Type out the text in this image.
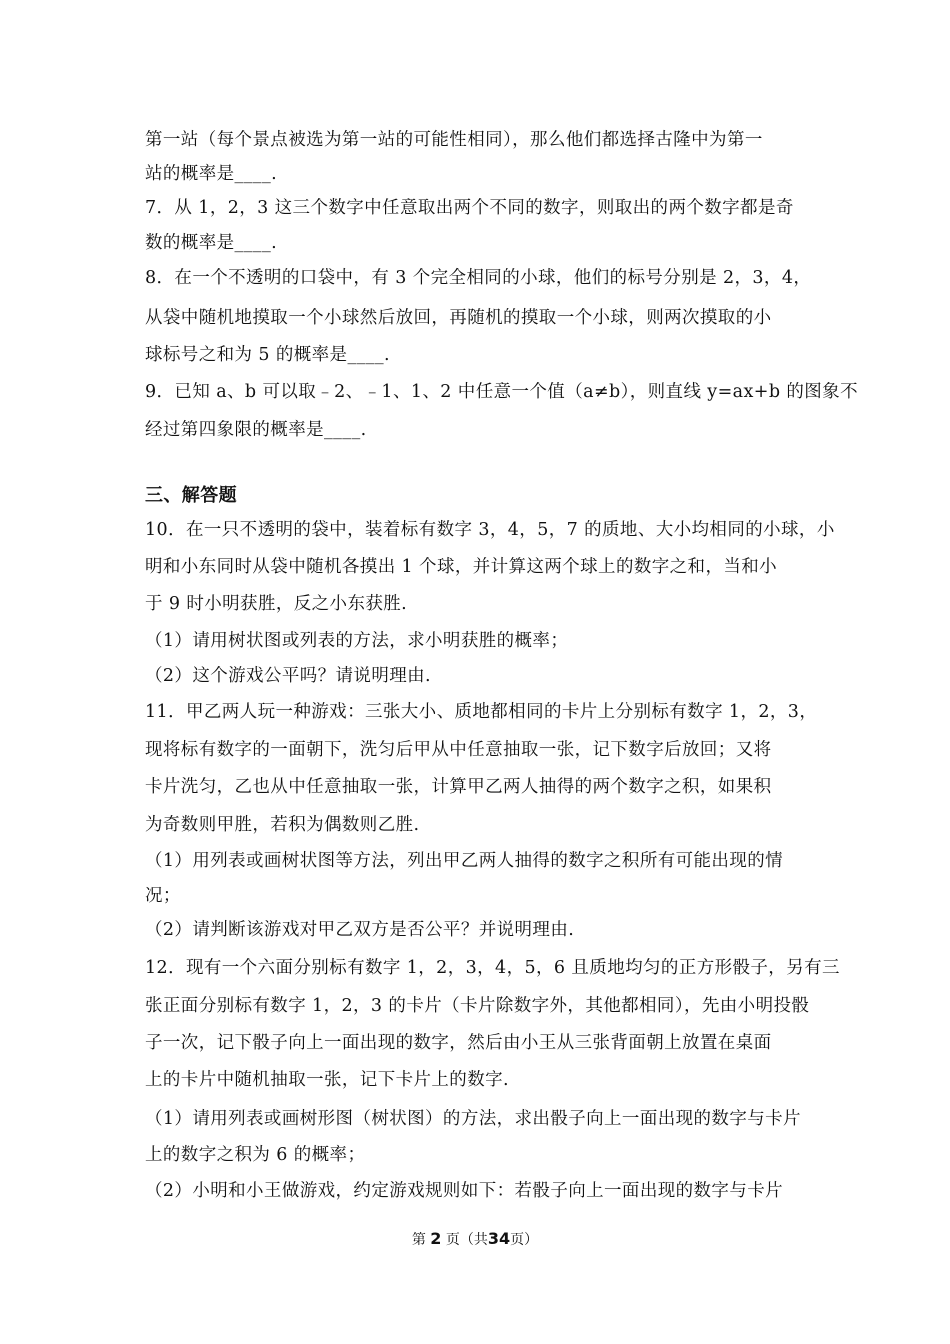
第一站（每个景点被选为第一站的可能性相同），那么他们都选择古隆中为第一
站的概率是____.
7．从 1，2，3 这三个数字中任意取出两个不同的数字，则取出的两个数字都是奇
数的概率是____.
8．在一个不透明的口袋中，有 3 个完全相同的小球，他们的标号分别是 2，3，4，
从袋中随机地摸取一个小球然后放回，再随机的摸取一个小球，则两次摸取的小
球标号之和为 5 的概率是____.
9．已知 a、b 可以取﹣2、﹣1、1、2 中任意一个值（a≠b），则直线 y=ax+b 的图象不
经过第四象限的概率是____.
三、解答题
10．在一只不透明的袋中，装着标有数字 3，4，5，7 的质地、大小均相同的小球，小
明和小东同时从袋中随机各摸出 1 个球，并计算这两个球上的数字之和，当和小
于 9 时小明获胜，反之小东获胜.
（1）请用树状图或列表的方法，求小明获胜的概率；
（2）这个游戏公平吗？请说明理由.
11．甲乙两人玩一种游戏：三张大小、质地都相同的卡片上分别标有数字 1，2，3，
现将标有数字的一面朝下，洗匀后甲从中任意抽取一张，记下数字后放回；又将
卡片洗匀，乙也从中任意抽取一张，计算甲乙两人抽得的两个数字之积，如果积
为奇数则甲胜，若积为偶数则乙胜.
（1）用列表或画树状图等方法，列出甲乙两人抽得的数字之积所有可能出现的情
况；
（2）请判断该游戏对甲乙双方是否公平？并说明理由.
12．现有一个六面分别标有数字 1，2，3，4，5，6 且质地均匀的正方形骰子，另有三
张正面分别标有数字 1，2，3 的卡片（卡片除数字外，其他都相同），先由小明投骰
子一次，记下骰子向上一面出现的数字，然后由小王从三张背面朝上放置在桌面
上的卡片中随机抽取一张，记下卡片上的数字.
（1）请用列表或画树形图（树状图）的方法，求出骰子向上一面出现的数字与卡片
上的数字之积为 6 的概率；
（2）小明和小王做游戏，约定游戏规则如下：若骰子向上一面出现的数字与卡片
第 2 页（共34页）
